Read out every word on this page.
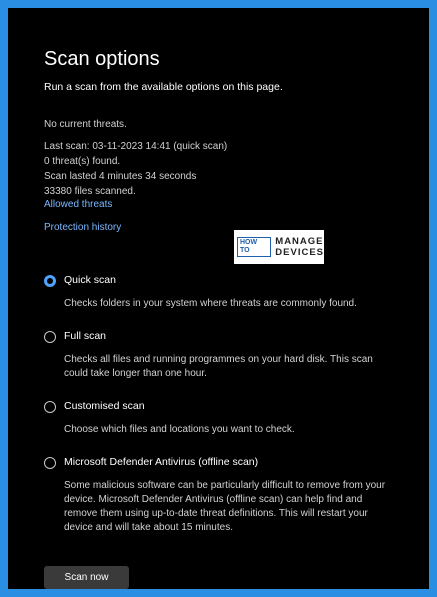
Scan options
Run a scan from the available options on this page.
No current threats.
Last scan: 03-11-2023 14:41 (quick scan)
0 threat(s) found.
Scan lasted 4 minutes 34 seconds
33380 files scanned.
Allowed threats
Protection history
HOW TO
MANAGE
DEVICES
Quick scan
Checks folders in your system where threats are commonly found.
Full scan
Checks all files and running programmes on your hard disk. This scan could take longer than one hour.
Customised scan
Choose which files and locations you want to check.
Microsoft Defender Antivirus (offline scan)
Some malicious software can be particularly difficult to remove from your device. Microsoft Defender Antivirus (offline scan) can help find and remove them using up-to-date threat definitions. This will restart your device and will take about 15 minutes.
Scan now
